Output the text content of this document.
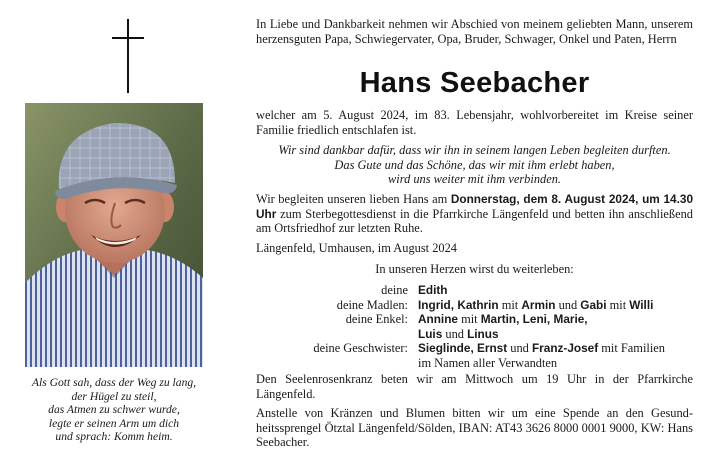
Als Gott sah, dass der Weg zu lang,
der Hügel zu steil,
das Atmen zu schwer wurde,
legte er seinen Arm um dich
und sprach: Komm heim.
In Liebe und Dankbarkeit nehmen wir Abschied von meinem geliebten Mann, unserem herzensguten Papa, Schwiegervater, Opa, Bruder, Schwager, Onkel und Paten, Herrn
Hans Seebacher
welcher am 5. August 2024, im 83. Lebensjahr, wohlvorbereitet im Kreise seiner Familie friedlich entschlafen ist.
Wir sind dankbar dafür, dass wir ihn in seinem langen Leben begleiten durften.
Das Gute und das Schöne, das wir mit ihm erlebt haben,
wird uns weiter mit ihm verbinden.
Wir begleiten unseren lieben Hans am Donnerstag, dem 8. August 2024, um 14.30 Uhr zum Sterbegottesdienst in die Pfarrkirche Längenfeld und betten ihn anschließend am Ortsfriedhof zur letzten Ruhe.
Längenfeld, Umhausen, im August 2024
In unseren Herzen wirst du weiterleben:
deine Edith
deine Madlen: Ingrid, Kathrin mit Armin und Gabi mit Willi
deine Enkel: Annine mit Martin, Leni, Marie,
Luis und Linus
deine Geschwister: Sieglinde, Ernst und Franz-Josef mit Familien
im Namen aller Verwandten
Den Seelenrosenkranz beten wir am Mittwoch um 19 Uhr in der Pfarrkirche Längenfeld.
Anstelle von Kränzen und Blumen bitten wir um eine Spende an den Gesund-heitssprengel Ötztal Längenfeld/Sölden, IBAN: AT43 3626 8000 0001 9000, KW: Hans Seebacher.
